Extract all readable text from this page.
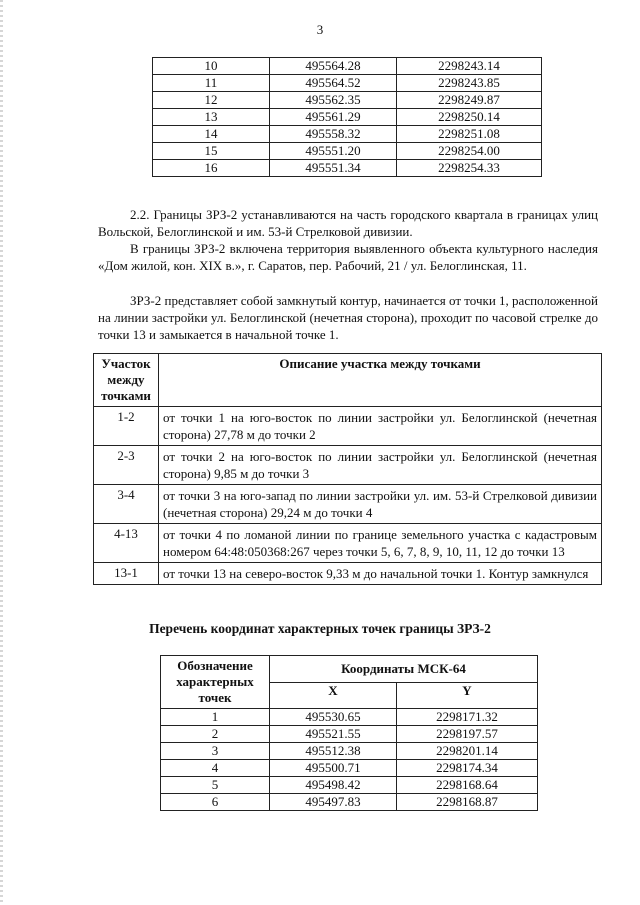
3
10	495564.28	2298243.14
11	495564.52	2298243.85
12	495562.35	2298249.87
13	495561.29	2298250.14
14	495558.32	2298251.08
15	495551.20	2298254.00
16	495551.34	2298254.33
2.2. Границы ЗРЗ-2 устанавливаются на часть городского квартала в границах улиц Вольской, Белоглинской и им. 53-й Стрелковой дивизии.
В границы ЗРЗ-2 включена территория выявленного объекта культурного наследия «Дом жилой, кон. XIX в.», г. Саратов, пер. Рабочий, 21 / ул. Белоглинская, 11.
ЗРЗ-2 представляет собой замкнутый контур, начинается от точки 1, расположенной на линии застройки ул. Белоглинской (нечетная сторона), проходит по часовой стрелке до точки 13 и замыкается в начальной точке 1.
Участок между точками	Описание участка между точками
1-2	от точки 1 на юго-восток по линии застройки ул. Белоглинской (нечетная сторона) 27,78 м до точки 2
2-3	от точки 2 на юго-восток по линии застройки ул. Белоглинской (нечетная сторона) 9,85 м до точки 3
3-4	от точки 3 на юго-запад по линии застройки ул. им. 53-й Стрелковой дивизии (нечетная сторона) 29,24 м до точки 4
4-13	от точки 4 по ломаной линии по границе земельного участка с кадастровым номером 64:48:050368:267 через точки 5, 6, 7, 8, 9, 10, 11, 12 до точки 13
13-1	от точки 13 на северо-восток 9,33 м до начальной точки 1. Контур замкнулся
Перечень координат характерных точек границы ЗРЗ-2
Обозначение характерных точек	Координаты МСК-64	
	X	Y
1	495530.65	2298171.32
2	495521.55	2298197.57
3	495512.38	2298201.14
4	495500.71	2298174.34
5	495498.42	2298168.64
6	495497.83	2298168.87
